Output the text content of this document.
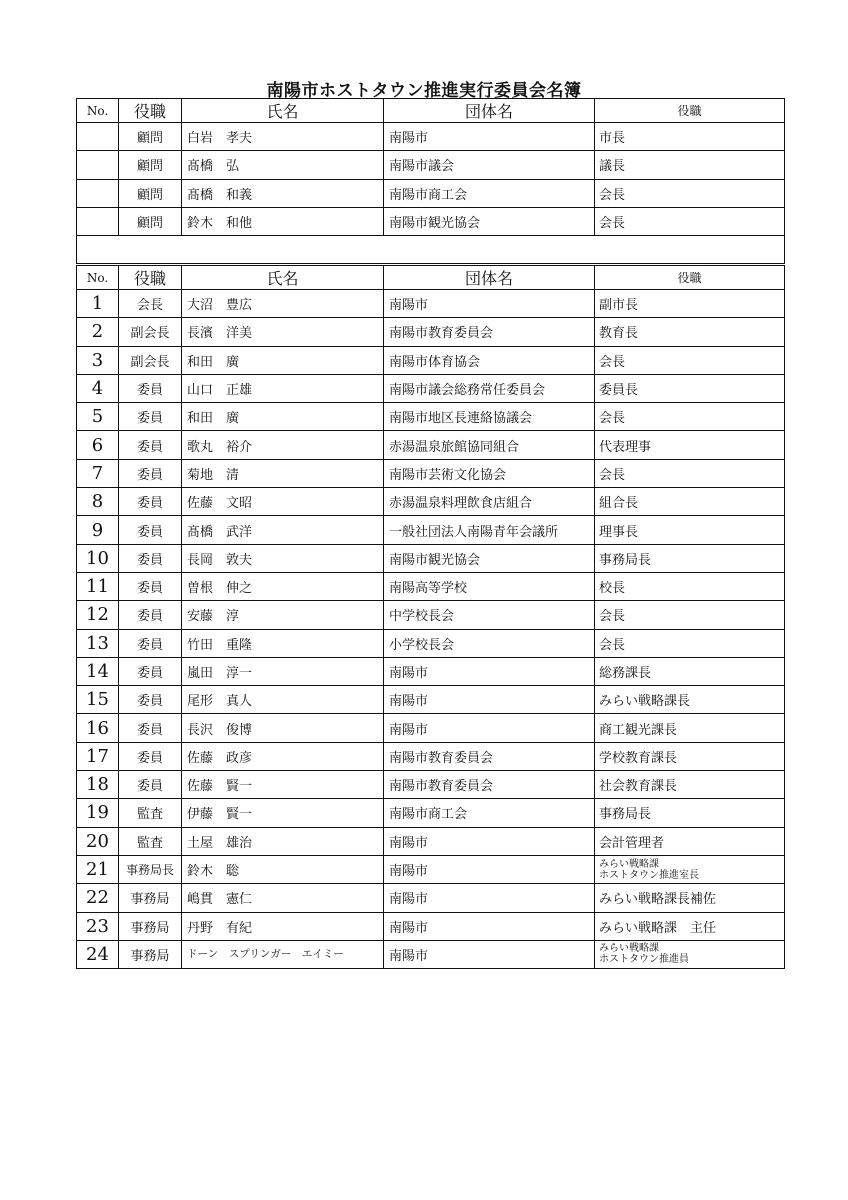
南陽市ホストタウン推進実行委員会名簿
No.	役職	氏名	団体名	役職
	顧問	白岩　孝夫	南陽市	市長
	顧問	髙橋　弘	南陽市議会	議長
	顧問	髙橋　和義	南陽市商工会	会長
	顧問	鈴木　和他	南陽市観光協会	会長

No.	役職	氏名	団体名	役職
1	会長	大沼　豊広	南陽市	副市長
2	副会長	長濱　洋美	南陽市教育委員会	教育長
3	副会長	和田　廣	南陽市体育協会	会長
4	委員	山口　正雄	南陽市議会総務常任委員会	委員長
5	委員	和田　廣	南陽市地区長連絡協議会	会長
6	委員	歌丸　裕介	赤湯温泉旅館協同組合	代表理事
7	委員	菊地　清	南陽市芸術文化協会	会長
8	委員	佐藤　文昭	赤湯温泉料理飲食店組合	組合長
9	委員	髙橋　武洋	一般社団法人南陽青年会議所	理事長
10	委員	長岡　敦夫	南陽市観光協会	事務局長
11	委員	曽根　伸之	南陽高等学校	校長
12	委員	安藤　淳	中学校長会	会長
13	委員	竹田　重隆	小学校長会	会長
14	委員	嵐田　淳一	南陽市	総務課長
15	委員	尾形　真人	南陽市	みらい戦略課長
16	委員	長沢　俊博	南陽市	商工観光課長
17	委員	佐藤　政彦	南陽市教育委員会	学校教育課長
18	委員	佐藤　賢一	南陽市教育委員会	社会教育課長
19	監査	伊藤　賢一	南陽市商工会	事務局長
20	監査	土屋　雄治	南陽市	会計管理者
21	事務局長	鈴木　聡	南陽市	みらい戦略課
ホストタウン推進室長
22	事務局	嶋貫　憲仁	南陽市	みらい戦略課長補佐
23	事務局	丹野　有紀	南陽市	みらい戦略課　主任
24	事務局	ドーン　スプリンガー　エイミー	南陽市	みらい戦略課
ホストタウン推進員
